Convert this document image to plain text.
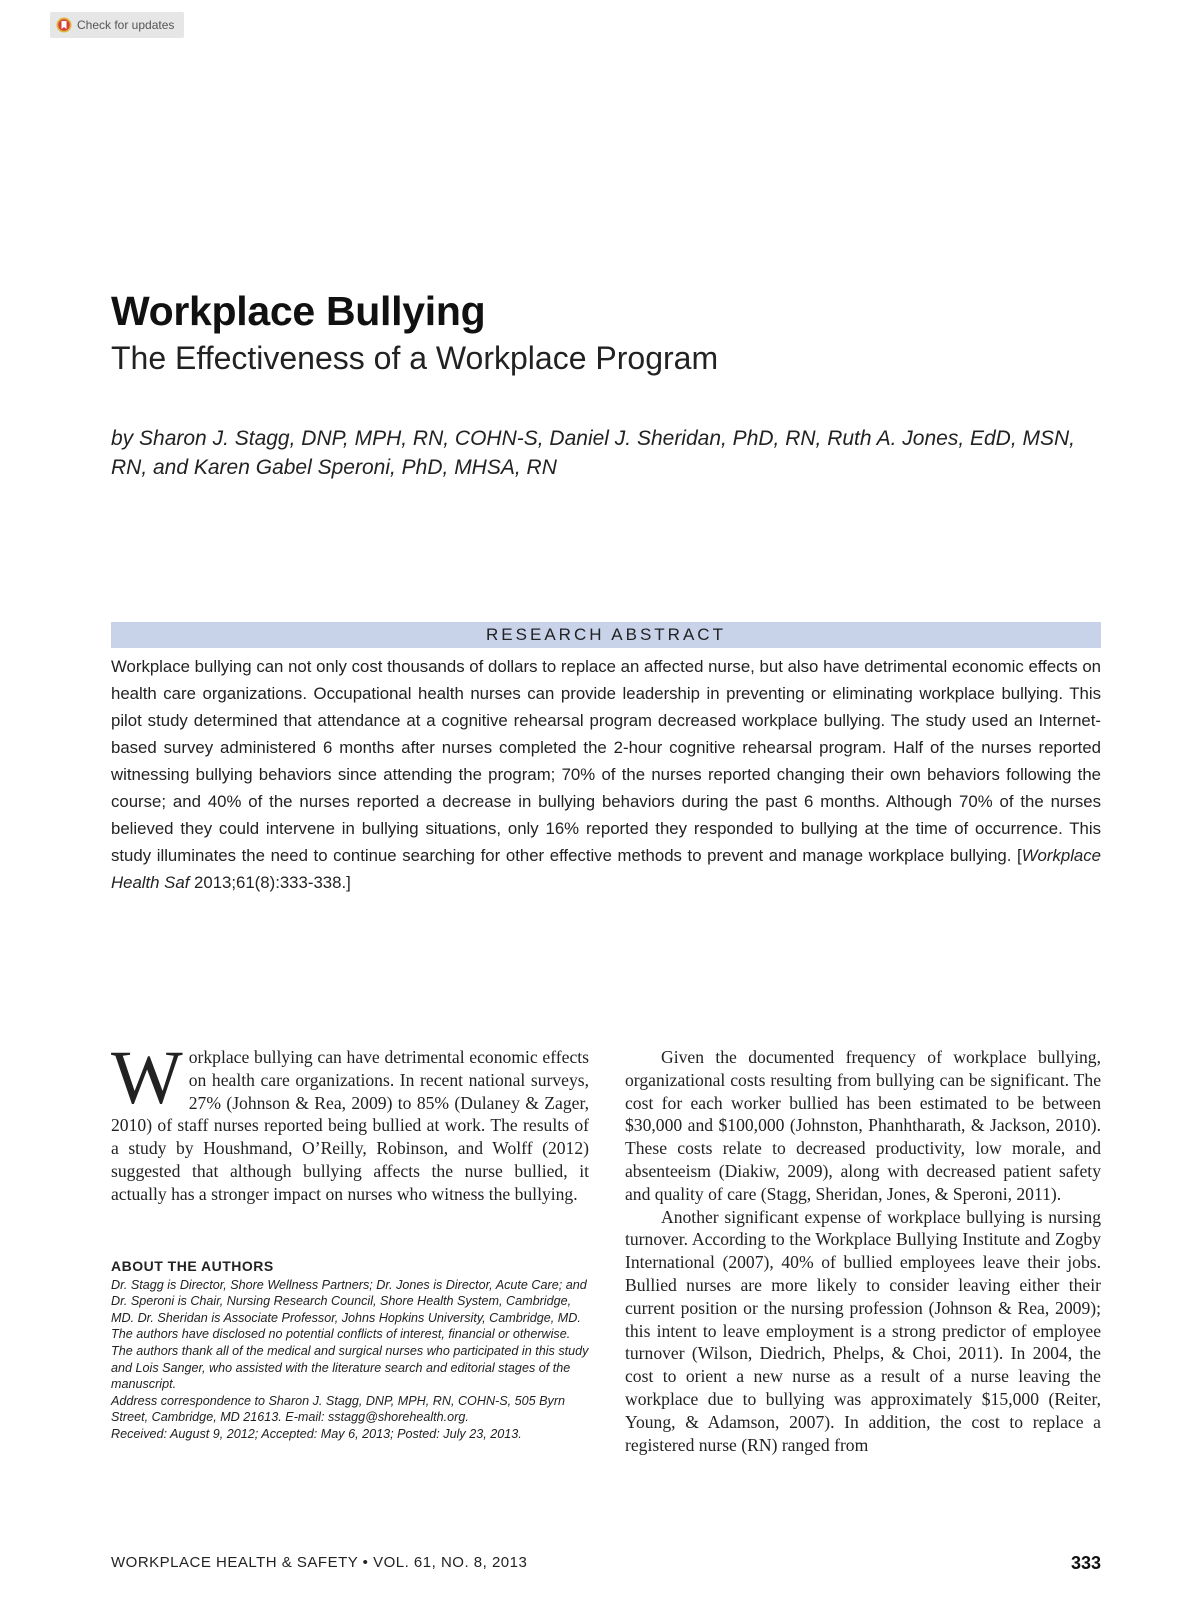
Check for updates
Workplace Bullying
The Effectiveness of a Workplace Program

by Sharon J. Stagg, DNP, MPH, RN, COHN-S, Daniel J. Sheridan, PhD, RN, Ruth A. Jones, EdD, MSN, RN, and Karen Gabel Speroni, PhD, MHSA, RN

RESEARCH ABSTRACT

Workplace bullying can not only cost thousands of dollars to replace an affected nurse, but also have detrimental economic effects on health care organizations. Occupational health nurses can provide leadership in preventing or eliminating workplace bullying. This pilot study determined that attendance at a cognitive rehearsal program decreased workplace bullying. The study used an Internet-based survey administered 6 months after nurses completed the 2-hour cognitive rehearsal program. Half of the nurses reported witnessing bullying behaviors since attending the program; 70% of the nurses reported changing their own behaviors following the course; and 40% of the nurses reported a decrease in bullying behaviors during the past 6 months. Although 70% of the nurses believed they could intervene in bullying situations, only 16% reported they responded to bullying at the time of occurrence. This study illuminates the need to continue searching for other effective methods to prevent and manage workplace bullying. [Workplace Health Saf 2013;61(8):333-338.]

Workplace bullying can have detrimental economic effects on health care organizations. In recent national surveys, 27% (Johnson & Rea, 2009) to 85% (Dulaney & Zager, 2010) of staff nurses reported being bullied at work. The results of a study by Houshmand, O’Reilly, Robinson, and Wolff (2012) suggested that although bullying affects the nurse bullied, it actually has a stronger impact on nurses who witness the bullying.

ABOUT THE AUTHORS

Dr. Stagg is Director, Shore Wellness Partners; Dr. Jones is Director, Acute Care; and Dr. Speroni is Chair, Nursing Research Council, Shore Health System, Cambridge, MD. Dr. Sheridan is Associate Professor, Johns Hopkins University, Cambridge, MD.

The authors have disclosed no potential conflicts of interest, financial or otherwise.

The authors thank all of the medical and surgical nurses who participated in this study and Lois Sanger, who assisted with the literature search and editorial stages of the manuscript.

Address correspondence to Sharon J. Stagg, DNP, MPH, RN, COHN-S, 505 Byrn Street, Cambridge, MD 21613. E-mail: sstagg@shorehealth.org.

Received: August 9, 2012; Accepted: May 6, 2013; Posted: July 23, 2013.

Given the documented frequency of workplace bullying, organizational costs resulting from bullying can be significant. The cost for each worker bullied has been estimated to be between $30,000 and $100,000 (Johnston, Phanhtharath, & Jackson, 2010). These costs relate to decreased productivity, low morale, and absenteeism (Diakiw, 2009), along with decreased patient safety and quality of care (Stagg, Sheridan, Jones, & Speroni, 2011).

Another significant expense of workplace bullying is nursing turnover. According to the Workplace Bullying Institute and Zogby International (2007), 40% of bullied employees leave their jobs. Bullied nurses are more likely to consider leaving either their current position or the nursing profession (Johnson & Rea, 2009); this intent to leave employment is a strong predictor of employee turnover (Wilson, Diedrich, Phelps, & Choi, 2011). In 2004, the cost to orient a new nurse as a result of a nurse leaving the workplace due to bullying was approximately $15,000 (Reiter, Young, & Adamson, 2007). In addition, the cost to replace a registered nurse (RN) ranged from

WORKPLACE HEALTH & SAFETY • VOL. 61, NO. 8, 2013	333
